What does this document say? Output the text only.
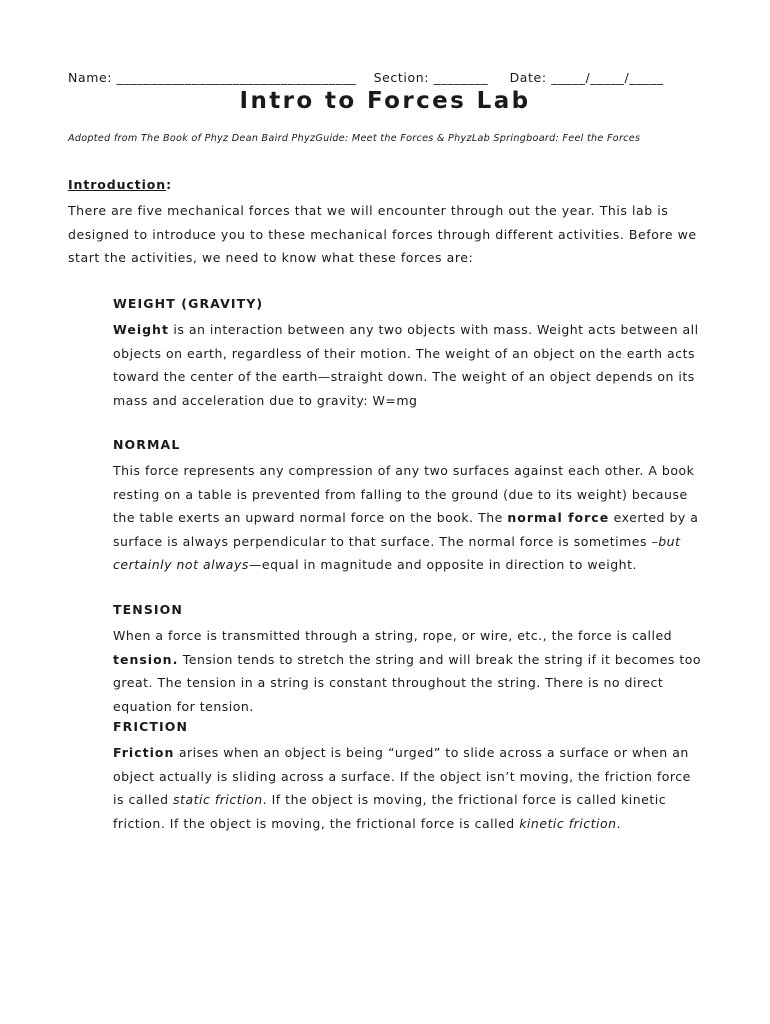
Name: ___________________________________ Section: ________ Date: _____/_____/_____
Intro to Forces Lab
Adopted from The Book of Phyz Dean Baird PhyzGuide: Meet the Forces & PhyzLab Springboard: Feel the Forces
Introduction:

There are five mechanical forces that we will encounter through out the year. This lab is designed to introduce you to these mechanical forces through different activities. Before we start the activities, we need to know what these forces are:

WEIGHT (GRAVITY)

Weight is an interaction between any two objects with mass. Weight acts between all objects on earth, regardless of their motion. The weight of an object on the earth acts toward the center of the earth—straight down. The weight of an object depends on its mass and acceleration due to gravity: W=mg

NORMAL

This force represents any compression of any two surfaces against each other. A book resting on a table is prevented from falling to the ground (due to its weight) because the table exerts an upward normal force on the book. The normal force exerted by a surface is always perpendicular to that surface. The normal force is sometimes –but certainly not always—equal in magnitude and opposite in direction to weight.

TENSION

When a force is transmitted through a string, rope, or wire, etc., the force is called tension. Tension tends to stretch the string and will break the string if it becomes too great. The tension in a string is constant throughout the string. There is no direct equation for tension.

FRICTION

Friction arises when an object is being “urged” to slide across a surface or when an object actually is sliding across a surface. If the object isn’t moving, the friction force is called static friction. If the object is moving, the frictional force is called kinetic friction. If the object is moving, the frictional force is called kinetic friction.
